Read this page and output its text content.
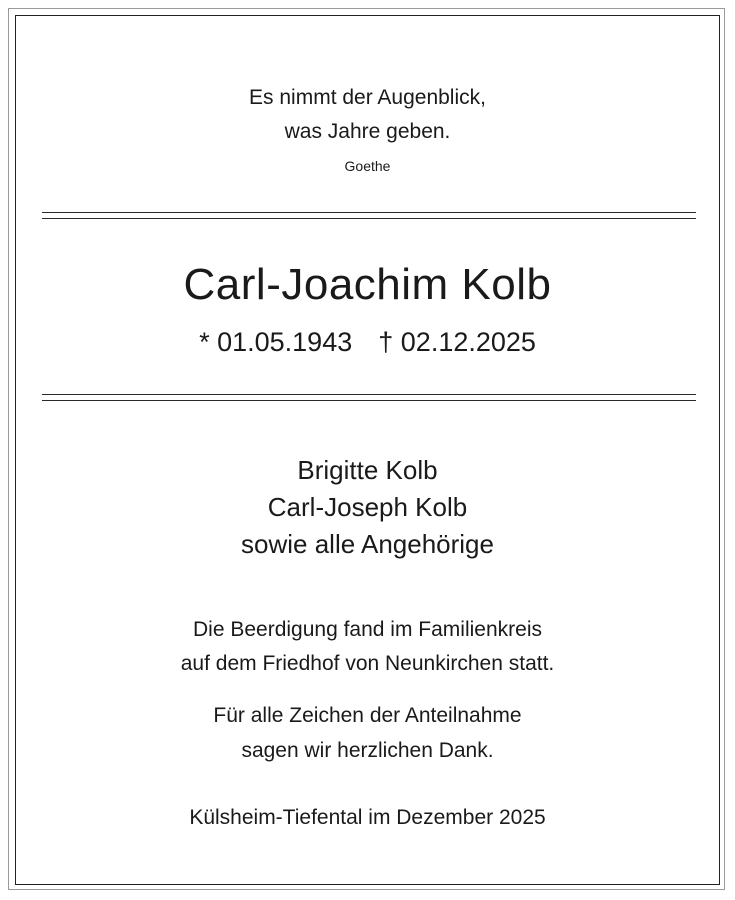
Es nimmt der Augenblick,
was Jahre geben.
Goethe
Carl-Joachim Kolb
* 01.05.1943 † 02.12.2025
Brigitte Kolb
Carl-Joseph Kolb
sowie alle Angehörige
Die Beerdigung fand im Familienkreis
auf dem Friedhof von Neunkirchen statt.
Für alle Zeichen der Anteilnahme
sagen wir herzlichen Dank.
Külsheim-Tiefental im Dezember 2025
